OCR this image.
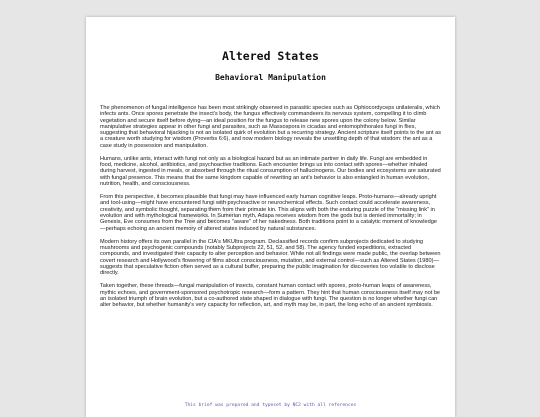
NC2
Altered States
Behavioral Manipulation

The phenomenon of fungal intelligence has been most strikingly observed in parasitic species such as Ophiocordyceps unilateralis, which infects ants. Once spores penetrate the insect's body, the fungus effectively commandeers its nervous system, compelling it to climb vegetation and secure itself before dying—an ideal position for the fungus to release new spores upon the colony below. Similar manipulative strategies appear in other fungi and parasites, such as Massospora in cicadas and entomophthorales fungi in flies, suggesting that behavioral hijacking is not an isolated quirk of evolution but a recurring strategy. Ancient scripture itself points to the ant as a creature worth studying for wisdom (Proverbs 6:6), and now modern biology reveals the unsettling depth of that wisdom: the ant as a case study in possession and manipulation.

Humans, unlike ants, interact with fungi not only as a biological hazard but as an intimate partner in daily life. Fungi are embedded in food, medicine, alcohol, antibiotics, and psychoactive traditions. Each encounter brings us into contact with spores—whether inhaled during harvest, ingested in meals, or absorbed through the ritual consumption of hallucinogens. Our bodies and ecosystems are saturated with fungal presence. This means that the same kingdom capable of rewriting an ant's behavior is also entangled in human evolution, nutrition, health, and consciousness.

From this perspective, it becomes plausible that fungi may have influenced early human cognitive leaps. Proto-humans—already upright and tool-using—might have encountered fungi with psychoactive or neurochemical effects. Such contact could accelerate awareness, creativity, and symbolic thought, separating them from their primate kin. This aligns with both the enduring puzzle of the "missing link" in evolution and with mythological frameworks. In Sumerian myth, Adapa receives wisdom from the gods but is denied immortality; in Genesis, Eve consumes from the Tree and becomes "aware" of her nakedness. Both traditions point to a catalytic moment of knowledge—perhaps echoing an ancient memory of altered states induced by natural substances.

Modern history offers its own parallel in the CIA's MKUltra program. Declassified records confirm subprojects dedicated to studying mushrooms and psychogenic compounds (notably Subprojects 22, 51, 52, and 58). The agency funded expeditions, extracted compounds, and investigated their capacity to alter perception and behavior. While not all findings were made public, the overlap between covert research and Hollywood's flowering of films about consciousness, mutation, and external control—such as Altered States (1980)—suggests that speculative fiction often served as a cultural buffer, preparing the public imagination for discoveries too volatile to disclose directly.

Taken together, these threads—fungal manipulation of insects, constant human contact with spores, proto-human leaps of awareness, mythic echoes, and government-sponsored psychotropic research—form a pattern. They hint that human consciousness itself may not be an isolated triumph of brain evolution, but a co-authored state shaped in dialogue with fungi. The question is no longer whether fungi can alter behavior, but whether humanity's very capacity for reflection, art, and myth may be, in part, the long echo of an ancient symbiosis.

This brief was prepared and typeset by NC2 with all references
